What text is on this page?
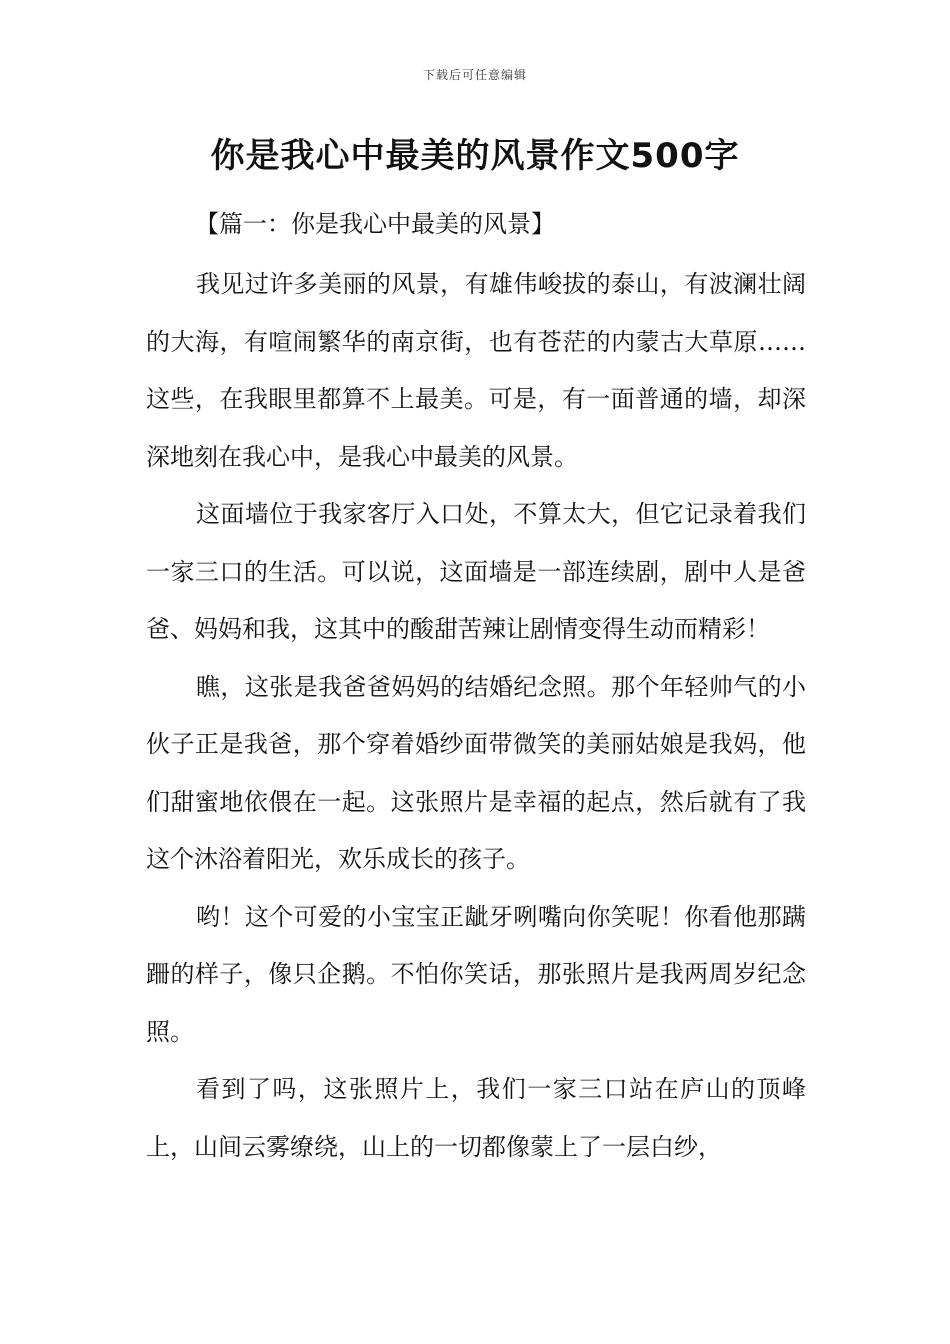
下载后可任意编辑
你是我心中最美的风景作文500字

【篇一：你是我心中最美的风景】

我见过许多美丽的风景，有雄伟峻拔的泰山，有波澜壮阔的大海，有喧闹繁华的南京街，也有苍茫的内蒙古大草原……这些，在我眼里都算不上最美。可是，有一面普通的墙，却深深地刻在我心中，是我心中最美的风景。

这面墙位于我家客厅入口处，不算太大，但它记录着我们一家三口的生活。可以说，这面墙是一部连续剧，剧中人是爸爸、妈妈和我，这其中的酸甜苦辣让剧情变得生动而精彩！

瞧，这张是我爸爸妈妈的结婚纪念照。那个年轻帅气的小伙子正是我爸，那个穿着婚纱面带微笑的美丽姑娘是我妈，他们甜蜜地依偎在一起。这张照片是幸福的起点，然后就有了我这个沐浴着阳光，欢乐成长的孩子。

哟！这个可爱的小宝宝正龇牙咧嘴向你笑呢！你看他那蹒跚的样子，像只企鹅。不怕你笑话，那张照片是我两周岁纪念照。

看到了吗，这张照片上，我们一家三口站在庐山的顶峰上，山间云雾缭绕，山上的一切都像蒙上了一层白纱，
